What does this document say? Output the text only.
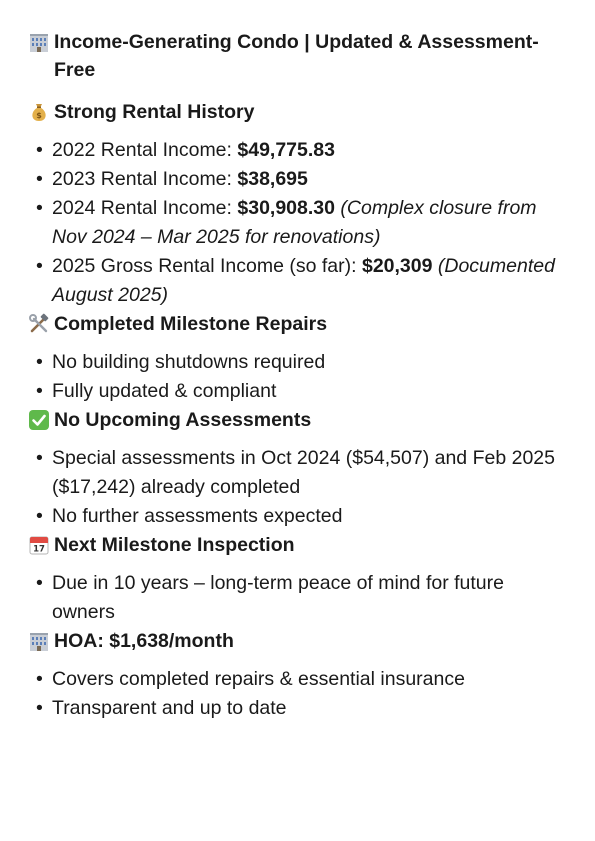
Income-Generating Condo | Updated & Assessment-Free
$ Strong Rental History
• 2022 Rental Income: $49,775.83
• 2023 Rental Income: $38,695
• 2024 Rental Income: $30,908.30 (Complex closure from Nov 2024 – Mar 2025 for renovations)
• 2025 Gross Rental Income (so far): $20,309 (Documented August 2025)
Completed Milestone Repairs
• No building shutdowns required
• Fully updated & compliant
No Upcoming Assessments
• Special assessments in Oct 2024 ($54,507) and Feb 2025 ($17,242) already completed
• No further assessments expected
17 Next Milestone Inspection
• Due in 10 years – long-term peace of mind for future owners
HOA: $1,638/month
• Covers completed repairs & essential insurance
• Transparent and up to date
